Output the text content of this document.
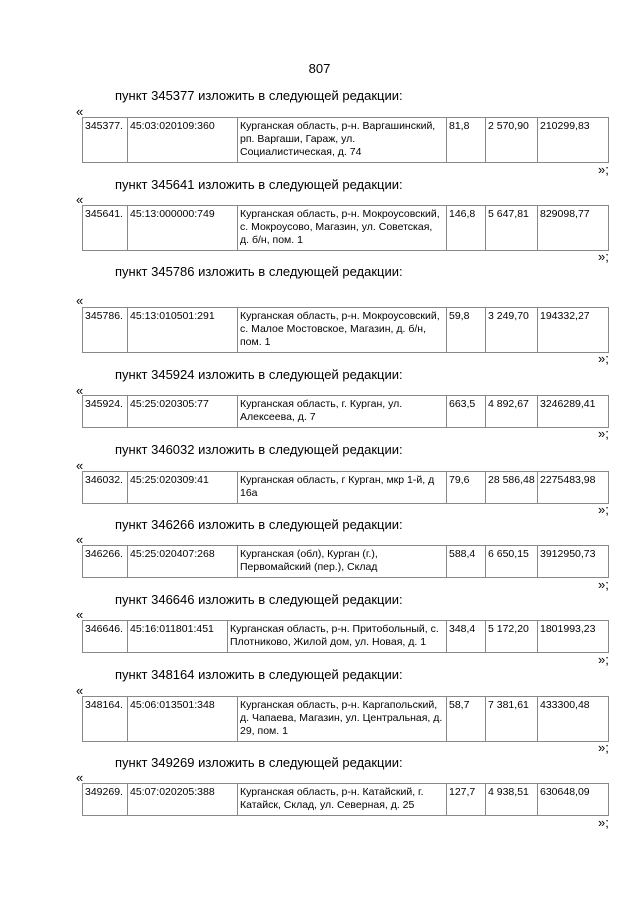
807
пункт 345377 изложить в следующей редакции:
«
345377.	45:03:020109:360	Курганская область, р-н. Варгашинский, рп. Варгаши, Гараж, ул. Социалистическая, д. 74	81,8	2 570,90	210299,83
»;
пункт 345641 изложить в следующей редакции:
«
345641.	45:13:000000:749	Курганская область, р-н. Мокроусовский, с. Мокроусово, Магазин, ул. Советская, д. б/н, пом. 1	146,8	5 647,81	829098,77
»;
пункт 345786 изложить в следующей редакции:
«
345786.	45:13:010501:291	Курганская область, р-н. Мокроусовский, с. Малое Мостовское, Магазин, д. б/н, пом. 1	59,8	3 249,70	194332,27
»;
пункт 345924 изложить в следующей редакции:
«
345924.	45:25:020305:77	Курганская область, г. Курган, ул. Алексеева, д. 7	663,5	4 892,67	3246289,41
»;
пункт 346032 изложить в следующей редакции:
«
346032.	45:25:020309:41	Курганская область, г Курган, мкр 1-й, д 16а	79,6	28 586,48	2275483,98
»;
пункт 346266 изложить в следующей редакции:
«
346266.	45:25:020407:268	Курганская (обл), Курган (г.), Первомайский (пер.), Склад	588,4	6 650,15	3912950,73
»;
пункт 346646 изложить в следующей редакции:
«
346646.	45:16:011801:451	Курганская область, р-н. Притобольный, с. Плотниково, Жилой дом, ул. Новая, д. 1	348,4	5 172,20	1801993,23
»;
пункт 348164 изложить в следующей редакции:
«
348164.	45:06:013501:348	Курганская область, р-н. Каргапольский, д. Чапаева, Магазин, ул. Центральная, д. 29, пом. 1	58,7	7 381,61	433300,48
»;
пункт 349269 изложить в следующей редакции:
«
349269.	45:07:020205:388	Курганская область, р-н. Катайский, г. Катайск, Склад, ул. Северная, д. 25	127,7	4 938,51	630648,09
»;
